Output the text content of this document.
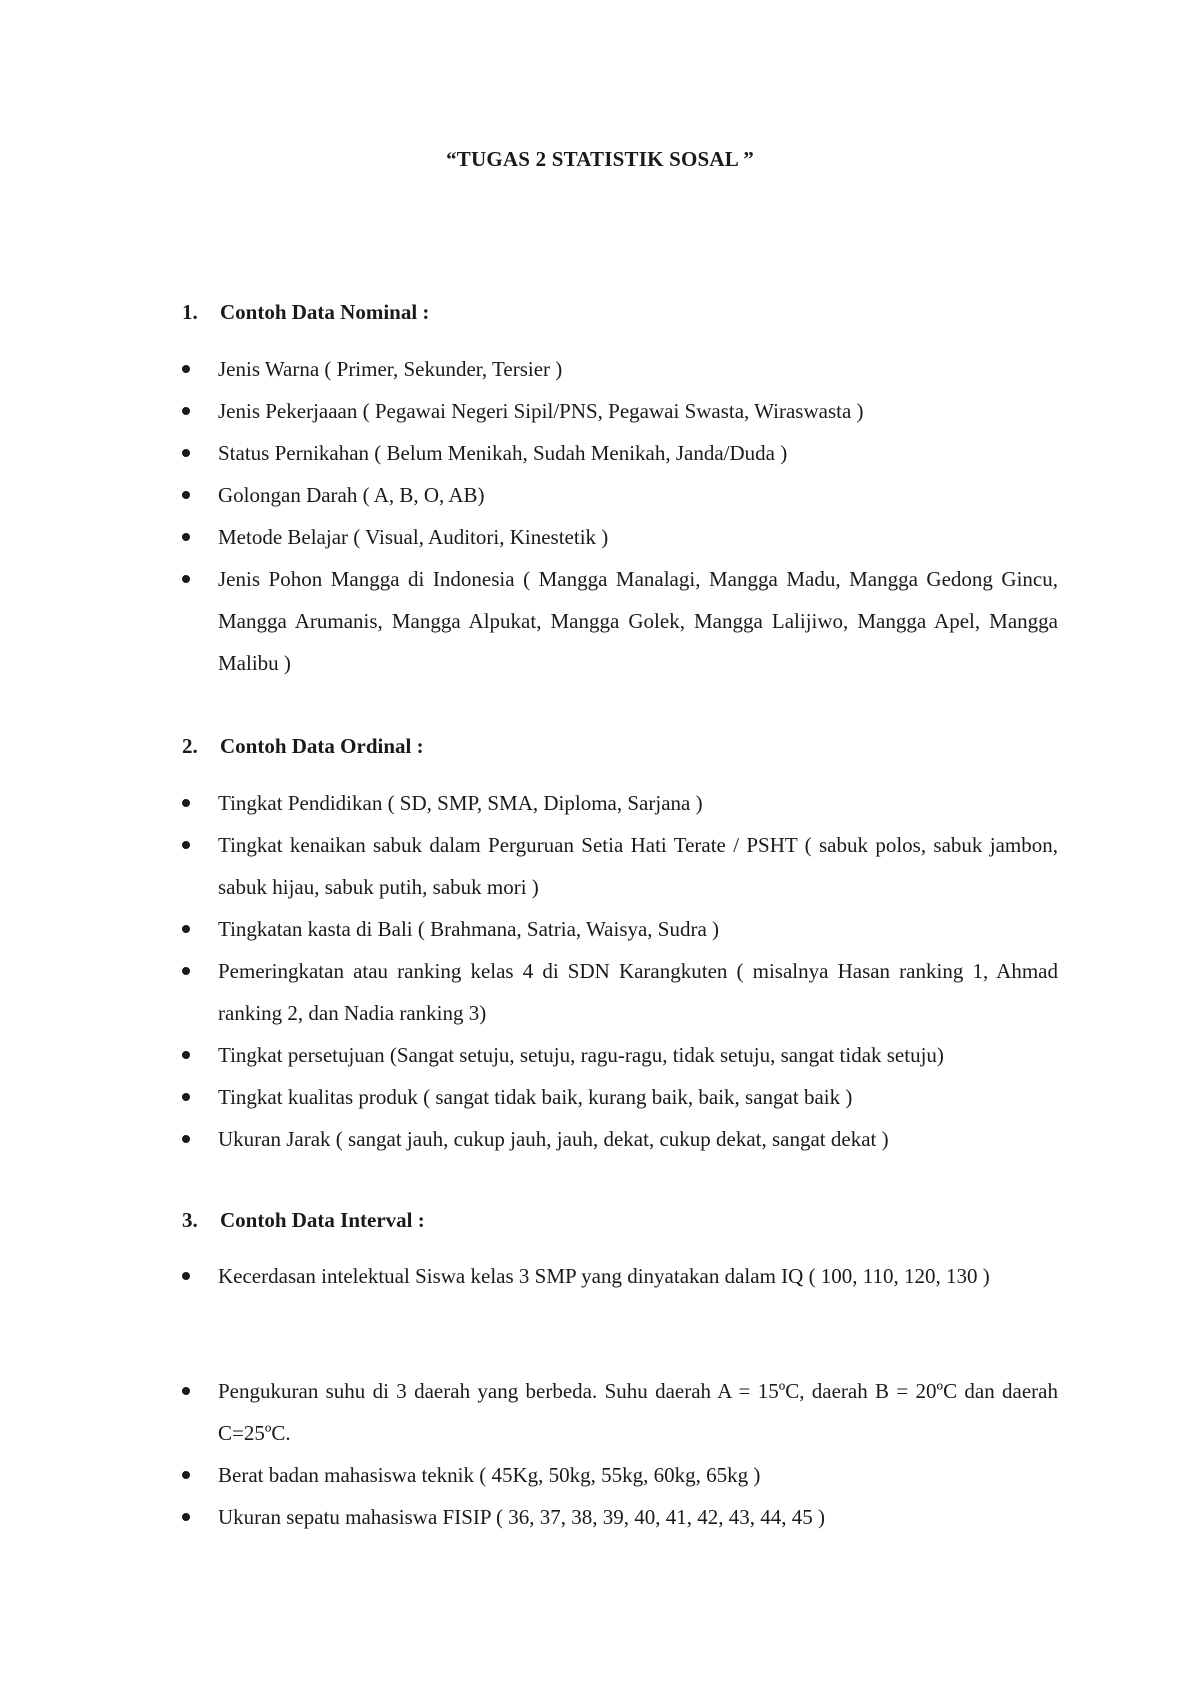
“TUGAS 2 STATISTIK SOSAL ”
1. Contoh Data Nominal :
Jenis Warna ( Primer, Sekunder, Tersier )
Jenis Pekerjaaan ( Pegawai Negeri Sipil/PNS, Pegawai Swasta, Wiraswasta )
Status Pernikahan ( Belum Menikah, Sudah Menikah, Janda/Duda )
Golongan Darah ( A, B, O, AB)
Metode Belajar ( Visual, Auditori, Kinestetik )
Jenis Pohon Mangga di Indonesia ( Mangga Manalagi, Mangga Madu, Mangga Gedong Gincu, Mangga Arumanis, Mangga Alpukat, Mangga Golek, Mangga Lalijiwo, Mangga Apel, Mangga Malibu )
2. Contoh Data Ordinal :
Tingkat Pendidikan ( SD, SMP, SMA, Diploma, Sarjana )
Tingkat kenaikan sabuk dalam Perguruan Setia Hati Terate / PSHT ( sabuk polos, sabuk jambon, sabuk hijau, sabuk putih, sabuk mori )
Tingkatan kasta di Bali ( Brahmana, Satria, Waisya, Sudra )
Pemeringkatan atau ranking kelas 4 di SDN Karangkuten ( misalnya Hasan ranking 1, Ahmad ranking 2, dan Nadia ranking 3)
Tingkat persetujuan (Sangat setuju, setuju, ragu-ragu, tidak setuju, sangat tidak setuju)
Tingkat kualitas produk ( sangat tidak baik, kurang baik, baik, sangat baik )
Ukuran Jarak ( sangat jauh, cukup jauh, jauh, dekat, cukup dekat, sangat dekat )
3. Contoh Data Interval :
Kecerdasan intelektual Siswa kelas 3 SMP yang dinyatakan dalam IQ ( 100, 110, 120, 130 )
Pengukuran suhu di 3 daerah yang berbeda. Suhu daerah A = 15ºC, daerah B = 20ºC dan daerah C=25ºC.
Berat badan mahasiswa teknik ( 45Kg, 50kg, 55kg, 60kg, 65kg )
Ukuran sepatu mahasiswa FISIP ( 36, 37, 38, 39, 40, 41, 42, 43, 44, 45 )
